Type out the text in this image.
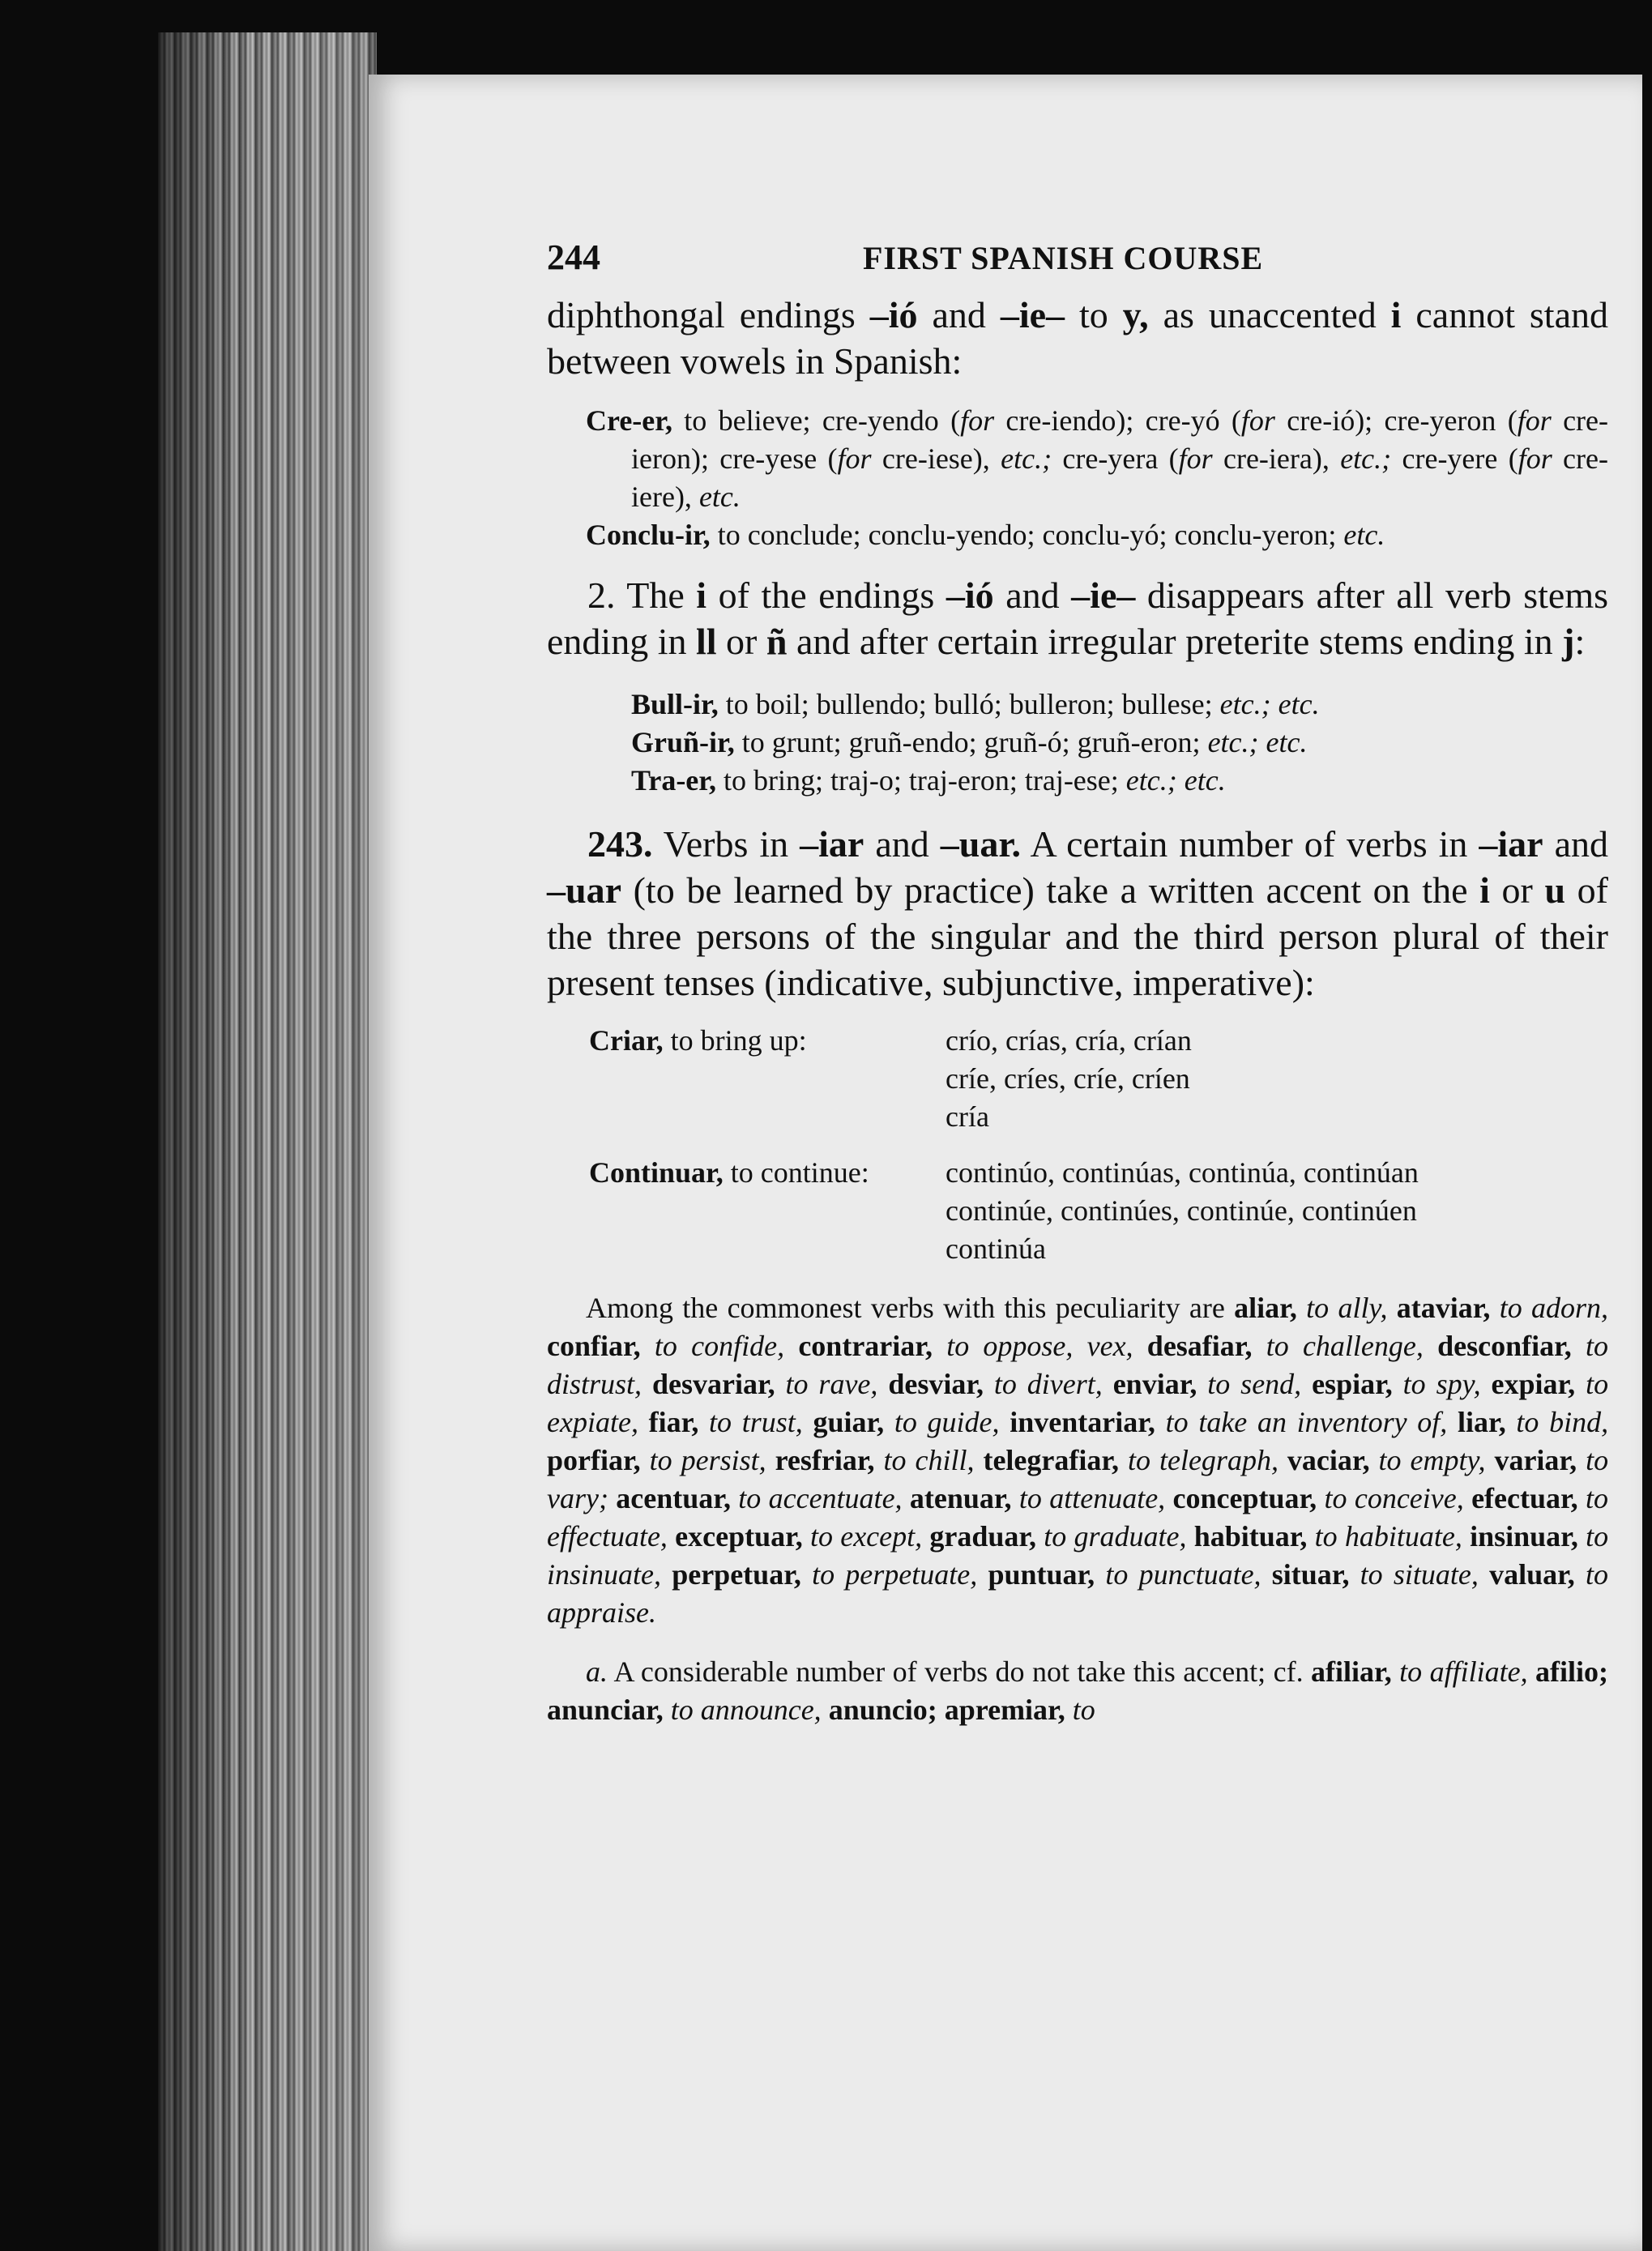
244	FIRST SPANISH COURSE

diphthongal endings –ió and –ie– to y, as unaccented i cannot stand between vowels in Spanish:

Cre-er, to believe; cre-yendo (for cre-iendo); cre-yó (for cre-ió); cre-yeron (for cre-ieron); cre-yese (for cre-iese), etc.; cre-yera (for cre-iera), etc.; cre-yere (for cre-iere), etc.

Conclu-ir, to conclude; conclu-yendo; conclu-yó; conclu-yeron; etc.

2. The i of the endings –ió and –ie– disappears after all verb stems ending in ll or ñ and after certain irregular preterite stems ending in j:

Bull-ir, to boil; bullendo; bulló; bulleron; bullese; etc.; etc.

Gruñ-ir, to grunt; gruñ-endo; gruñ-ó; gruñ-eron; etc.; etc.

Tra-er, to bring; traj-o; traj-eron; traj-ese; etc.; etc.

243. Verbs in –iar and –uar. A certain number of verbs in –iar and –uar (to be learned by practice) take a written accent on the i or u of the three persons of the singular and the third person plural of their present tenses (indicative, subjunctive, imperative):

Criar, to bring up:	crío, crías, cría, crían
críe, críes, críe, críen
cría

Continuar, to continue:	continúo, continúas, continúa, continúan
continúe, continúes, continúe, continúen
continúa

Among the commonest verbs with this peculiarity are aliar, to ally, ataviar, to adorn, confiar, to confide, contrariar, to oppose, vex, desafiar, to challenge, desconfiar, to distrust, desvariar, to rave, desviar, to divert, enviar, to send, espiar, to spy, expiar, to expiate, fiar, to trust, guiar, to guide, inventariar, to take an inventory of, liar, to bind, porfiar, to persist, resfriar, to chill, telegrafiar, to telegraph, vaciar, to empty, variar, to vary; acentuar, to accentuate, atenuar, to attenuate, conceptuar, to conceive, efectuar, to effectuate, exceptuar, to except, graduar, to graduate, habituar, to habituate, insinuar, to insinuate, perpetuar, to perpetuate, puntuar, to punctuate, situar, to situate, valuar, to appraise.

a. A considerable number of verbs do not take this accent; cf. afiliar, to affiliate, afilio; anunciar, to announce, anuncio; apremiar, to
